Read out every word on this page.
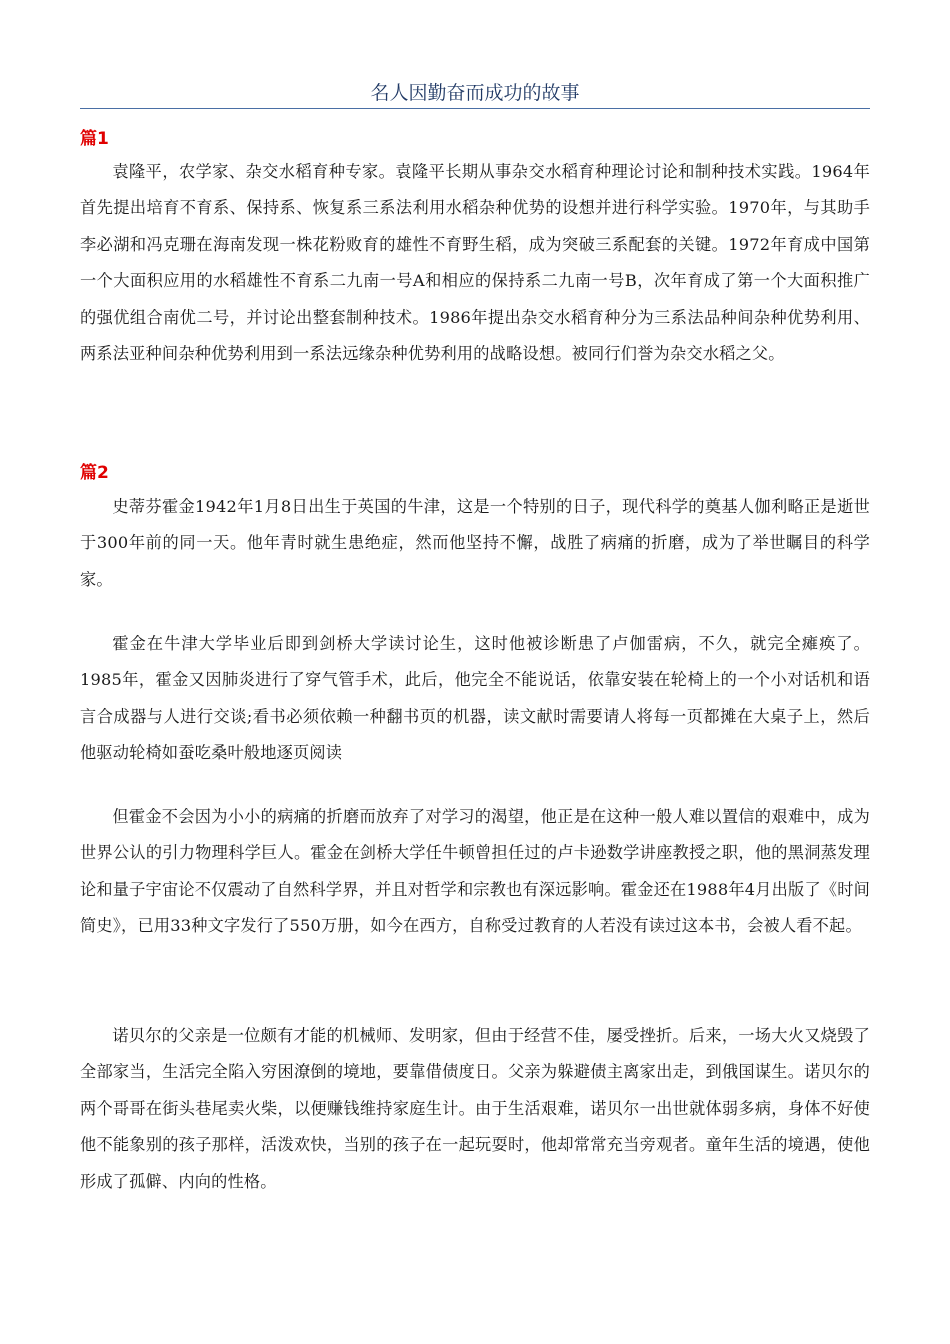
名人因勤奋而成功的故事
篇1

袁隆平，农学家、杂交水稻育种专家。袁隆平长期从事杂交水稻育种理论讨论和制种技术实践。1964年首先提出培育不育系、保持系、恢复系三系法利用水稻杂种优势的设想并进行科学实验。1970年，与其助手李必湖和冯克珊在海南发现一株花粉败育的雄性不育野生稻，成为突破三系配套的关键。1972年育成中国第一个大面积应用的水稻雄性不育系二九南一号A和相应的保持系二九南一号B，次年育成了第一个大面积推广的强优组合南优二号，并讨论出整套制种技术。1986年提出杂交水稻育种分为三系法品种间杂种优势利用、两系法亚种间杂种优势利用到一系法远缘杂种优势利用的战略设想。被同行们誉为杂交水稻之父。

篇2

史蒂芬霍金1942年1月8日出生于英国的牛津，这是一个特别的日子，现代科学的奠基人伽利略正是逝世于300年前的同一天。他年青时就生患绝症，然而他坚持不懈，战胜了病痛的折磨，成为了举世瞩目的科学家。

霍金在牛津大学毕业后即到剑桥大学读讨论生，这时他被诊断患了卢伽雷病，不久，就完全瘫痪了。1985年，霍金又因肺炎进行了穿气管手术，此后，他完全不能说话，依靠安装在轮椅上的一个小对话机和语言合成器与人进行交谈;看书必须依赖一种翻书页的机器，读文献时需要请人将每一页都摊在大桌子上，然后他驱动轮椅如蚕吃桑叶般地逐页阅读

但霍金不会因为小小的病痛的折磨而放弃了对学习的渴望，他正是在这种一般人难以置信的艰难中，成为世界公认的引力物理科学巨人。霍金在剑桥大学任牛顿曾担任过的卢卡逊数学讲座教授之职，他的黑洞蒸发理论和量子宇宙论不仅震动了自然科学界，并且对哲学和宗教也有深远影响。霍金还在1988年4月出版了《时间简史》，已用33种文字发行了550万册，如今在西方，自称受过教育的人若没有读过这本书，会被人看不起。

诺贝尔的父亲是一位颇有才能的机械师、发明家，但由于经营不佳，屡受挫折。后来，一场大火又烧毁了全部家当，生活完全陷入穷困潦倒的境地，要靠借债度日。父亲为躲避债主离家出走，到俄国谋生。诺贝尔的两个哥哥在街头巷尾卖火柴，以便赚钱维持家庭生计。由于生活艰难，诺贝尔一出世就体弱多病，身体不好使他不能象别的孩子那样，活泼欢快，当别的孩子在一起玩耍时，他却常常充当旁观者。童年生活的境遇，使他形成了孤僻、内向的性格。
